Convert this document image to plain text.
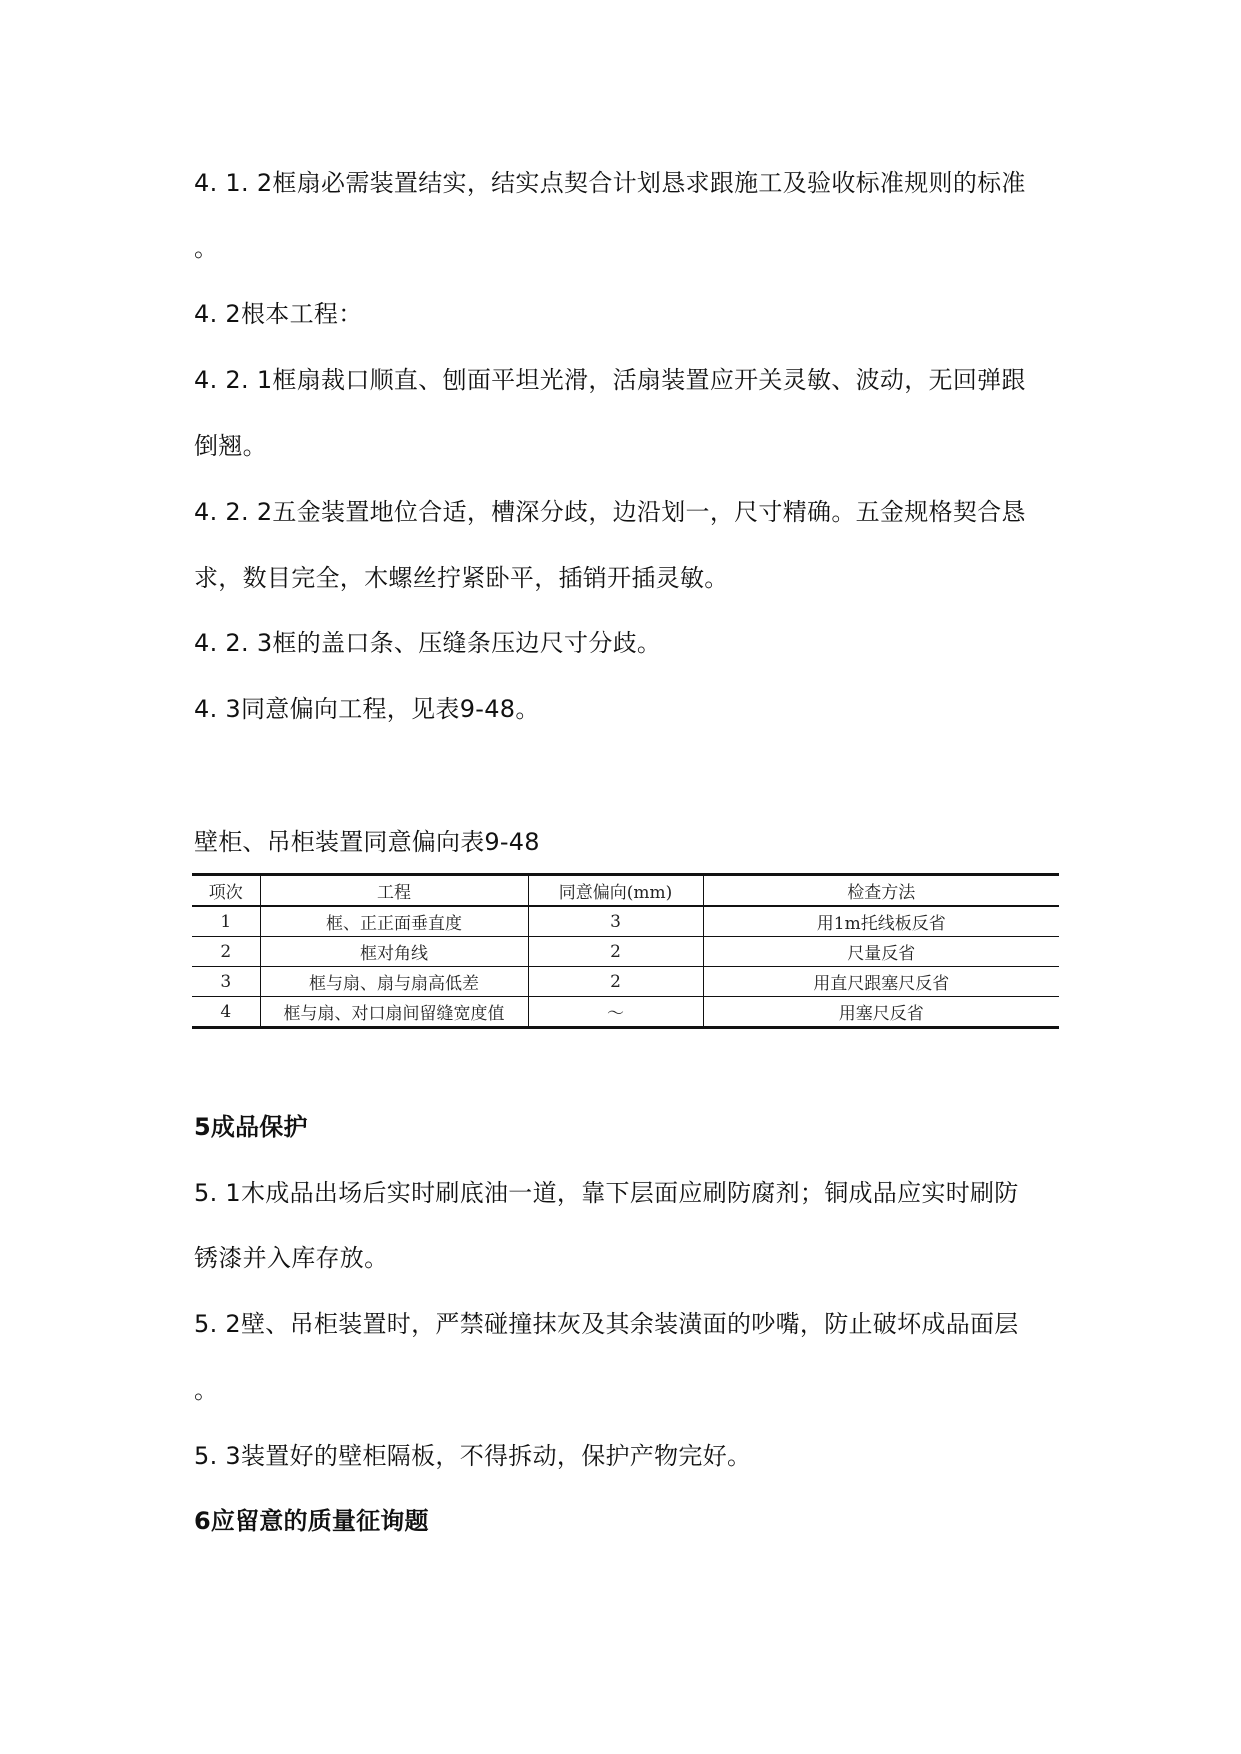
4. 1. 2框扇必需装置结实，结实点契合计划恳求跟施工及验收标准规则的标准
。
4. 2根本工程：
4. 2. 1框扇裁口顺直、刨面平坦光滑，活扇装置应开关灵敏、波动，无回弹跟
倒翘。
4. 2. 2五金装置地位合适，槽深分歧，边沿划一，尺寸精确。五金规格契合恳
求，数目完全，木螺丝拧紧卧平，插销开插灵敏。
4. 2. 3框的盖口条、压缝条压边尺寸分歧。
4. 3同意偏向工程，见表9-48。
壁柜、吊柜装置同意偏向表9-48
项次	工程	同意偏向(mm)	检查方法
1	框、正正面垂直度	3	用1m托线板反省
2	框对角线	2	尺量反省
3	框与扇、扇与扇高低差	2	用直尺跟塞尺反省
4	框与扇、对口扇间留缝宽度值	～	用塞尺反省
5成品保护
5. 1木成品出场后实时刷底油一道，靠下层面应刷防腐剂；铜成品应实时刷防
锈漆并入库存放。
5. 2壁、吊柜装置时，严禁碰撞抹灰及其余装潢面的吵嘴，防止破坏成品面层
。
5. 3装置好的壁柜隔板，不得拆动，保护产物完好。
6应留意的质量征询题
